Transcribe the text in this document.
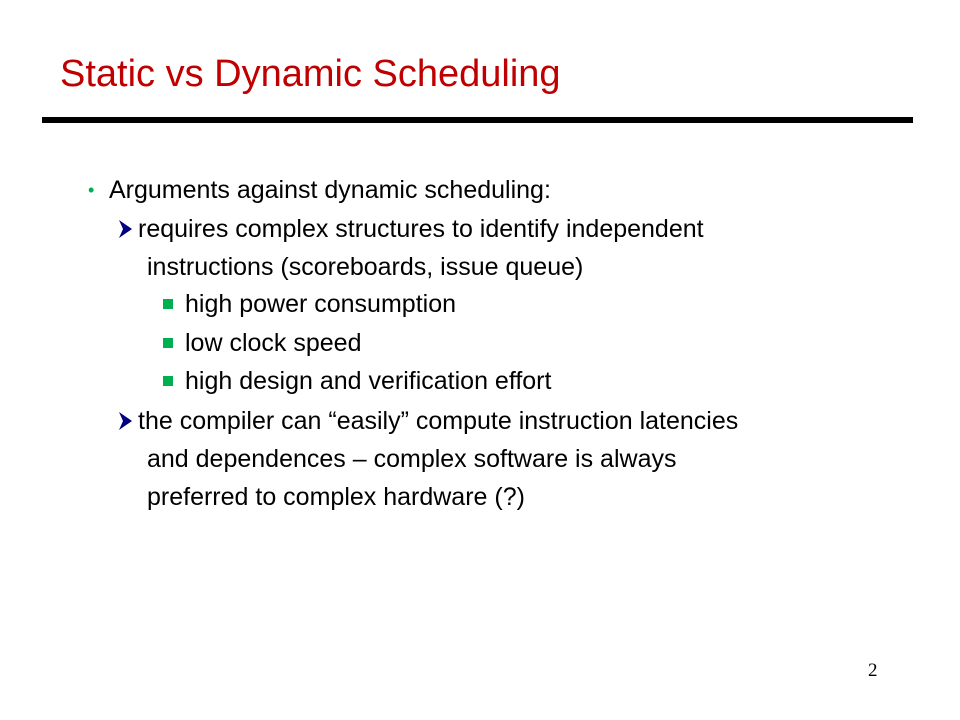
Static vs Dynamic Scheduling
• Arguments against dynamic scheduling:
requires complex structures to identify independent
instructions (scoreboards, issue queue)
high power consumption
low clock speed
high design and verification effort
the compiler can “easily” compute instruction latencies
and dependences – complex software is always
preferred to complex hardware (?)
2
